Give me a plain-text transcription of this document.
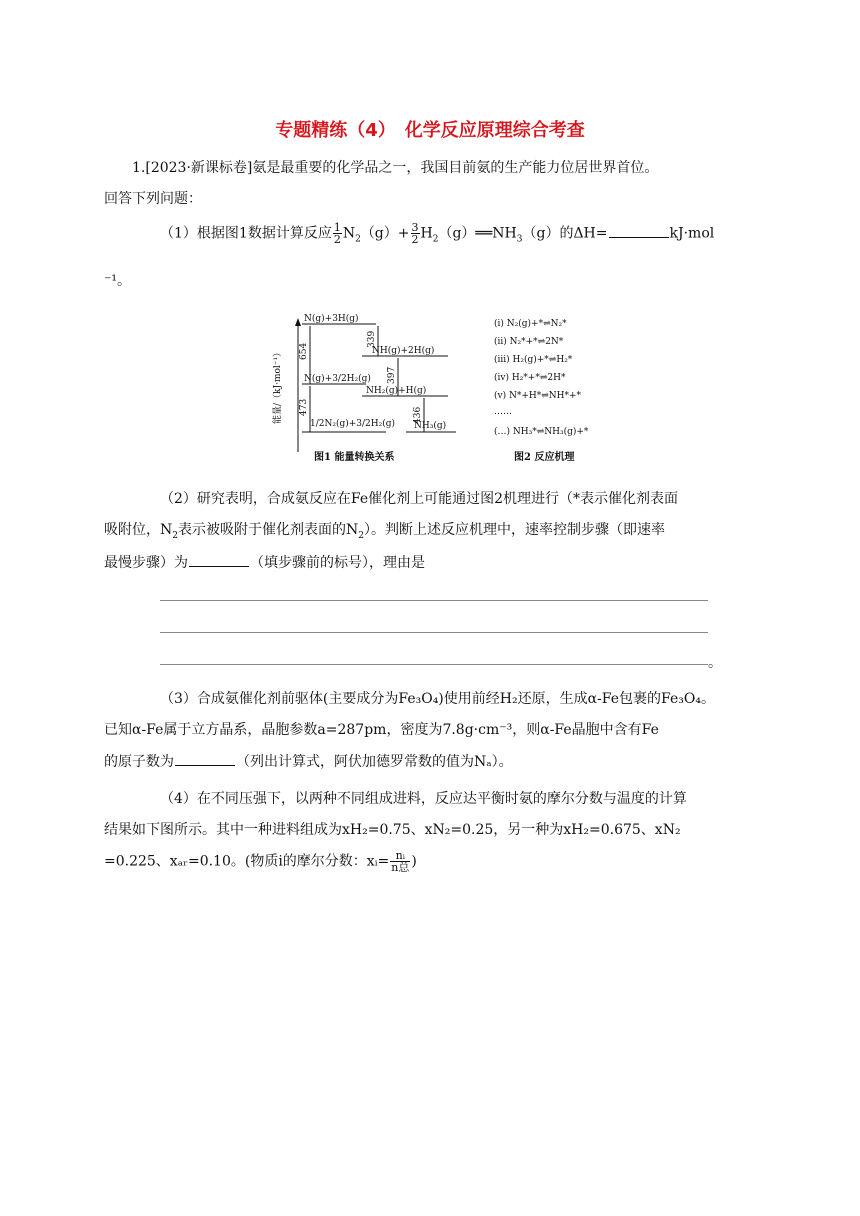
专题精练（4）　化学反应原理综合考查
1.[2023·新课标卷]氨是最重要的化学品之一，我国目前氨的生产能力位居世界首位。
回答下列问题：
（1）根据图1数据计算反应 $\frac{1}{2} N_2(g)+ \frac{3}{2}$ $H_2(g)══NH_3(g)$的ΔH=	kJ·mol
⁻¹。
能量/（kJ·mol⁻¹）
N(g)+3H(g)
NH(g)+2H(g)
N(g)+3/2H₂(g)
NH₂(g)+H(g)
1/2N₂(g)+3/2H₂(g) NH₃(g)
654
339
397
473	436
图1 能量转换关系
(ⅰ) N₂(g)+*⇌N₂*
(ⅱ) N₂*+*⇌2N*
(ⅲ) H₂(g)+*⇌H₂*
(ⅳ) H₂*+*⇌2H*
(ⅴ) N*+H*⇌NH*+*
……
(…) NH₃*⇌NH₃(g)+*
图2 反应机理
（2）研究表明，合成氨反应在Fe催化剂上可能通过图2机理进行（*表示催化剂表面
吸附位，$N_2$表示被吸附于催化剂表面的$N_2$）。判断上述反应机理中，速率控制步骤（即速率
最慢步骤）为	（填步骤前的标号），理由是
。
（3）合成氨催化剂前驱体(主要成分为Fe₃O₄)使用前经H₂还原，生成α-Fe包裹的Fe₃O₄。
已知α-Fe属于立方晶系，晶胞参数a=287pm，密度为7.8g·cm⁻³，则α-Fe晶胞中含有Fe
的原子数为	（列出计算式，阿伏加德罗常数的值为Nₐ）。
（4）在不同压强下，以两种不同组成进料，反应达平衡时氨的摩尔分数与温度的计算
结果如下图所示。其中一种进料组成为xH₂=0.75、xN₂=0.25，另一种为xH₂=0.675、xN₂
=0.225、xₐᵣ=0.10。(物质i的摩尔分数：xᵢ= $\frac{\text{nᵢ}}{\text{n总}}$ )
